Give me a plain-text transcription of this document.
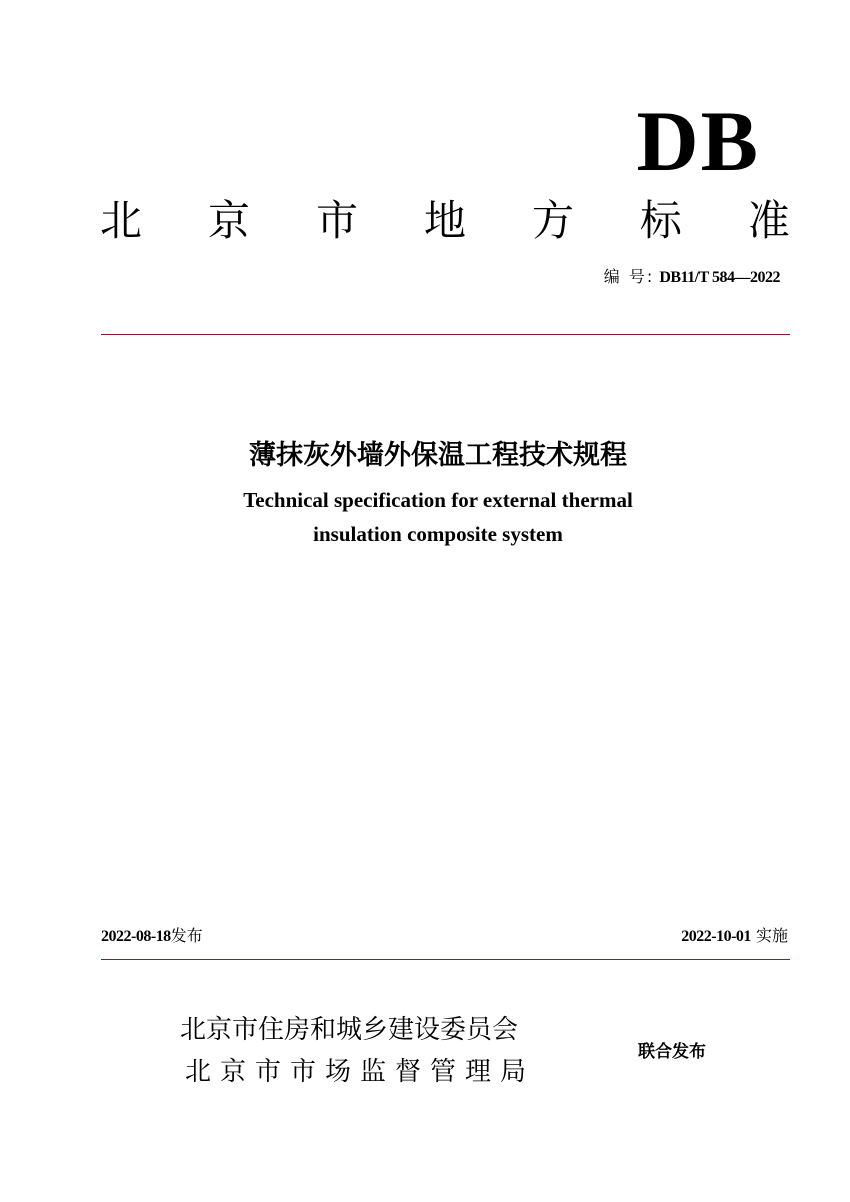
DB
北 京 市 地 方 标 准
编 号: DB11/T 584—2022
薄抹灰外墙外保温工程技术规程
Technical specification for external thermal
insulation composite system
2022-08-18发布	2022-10-01 实施
北京市住房和城乡建设委员会
北京市市场监督管理局
联合发布
